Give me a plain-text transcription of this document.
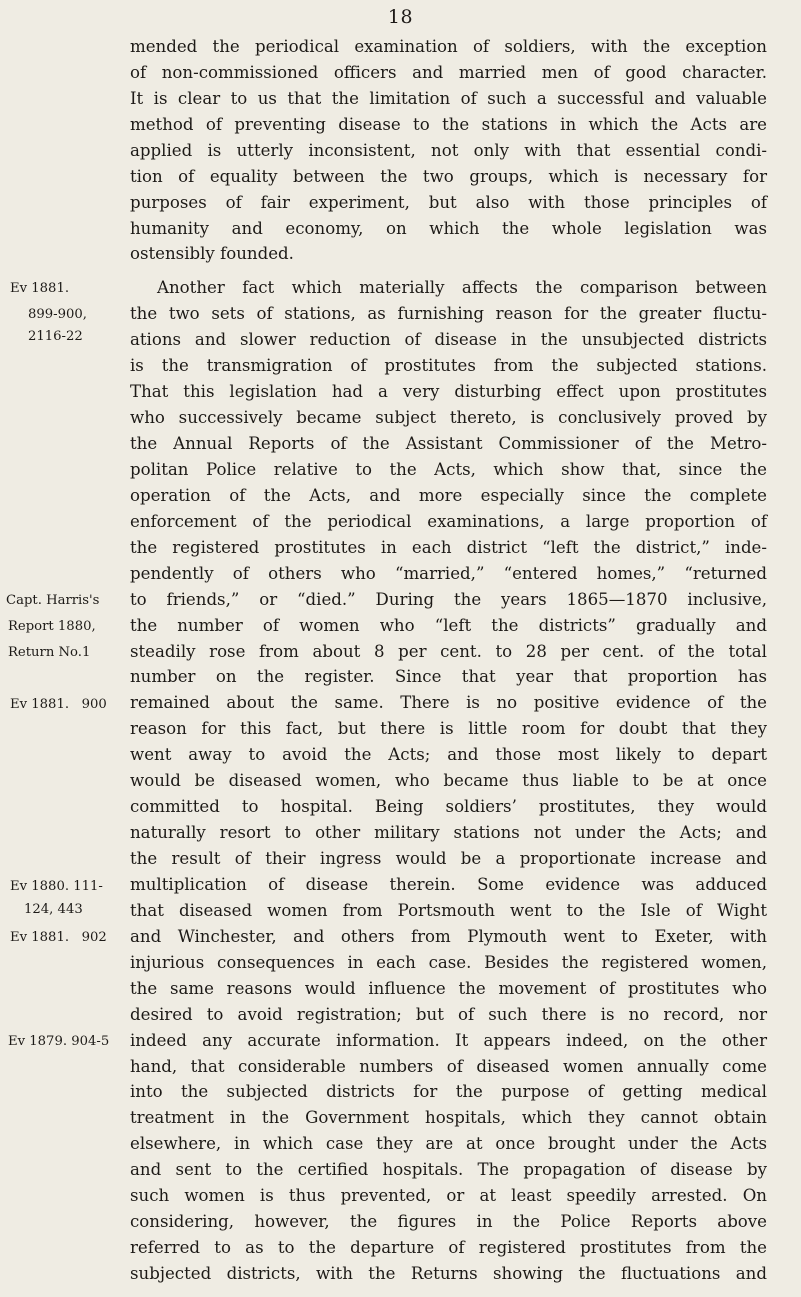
18
Ev 1881.
899-900,
2116-22
Capt. Harris's
Report 1880,
Return No.1
Ev 1881.   900
Ev 1880. 111-
124, 443
Ev 1881.   902
Ev 1879. 904-5
mended the periodical examination of soldiers, with the exception
of non-commissioned officers and married men of good character.
It is clear to us that the limitation of such a successful and valuable
method of preventing disease to the stations in which the Acts are
applied is utterly inconsistent, not only with that essential condi-
tion of equality between the two groups, which is necessary for
purposes of fair experiment, but also with those principles of
humanity and economy, on which the whole legislation was
ostensibly founded.
Another fact which materially affects the comparison between
the two sets of stations, as furnishing reason for the greater fluctu-
ations and slower reduction of disease in the unsubjected districts
is the transmigration of prostitutes from the subjected stations.
That this legislation had a very disturbing effect upon prostitutes
who successively became subject thereto, is conclusively proved by
the Annual Reports of the Assistant Commissioner of the Metro-
politan Police relative to the Acts, which show that, since the
operation of the Acts, and more especially since the complete
enforcement of the periodical examinations, a large proportion of
the registered prostitutes in each district “left the district,” inde-
pendently of others who “married,” “entered homes,” “returned
to friends,” or “died.” During the years 1865—1870 inclusive,
the number of women who “left the districts” gradually and
steadily rose from about 8 per cent. to 28 per cent. of the total
number on the register. Since that year that proportion has
remained about the same. There is no positive evidence of the
reason for this fact, but there is little room for doubt that they
went away to avoid the Acts; and those most likely to depart
would be diseased women, who became thus liable to be at once
committed to hospital. Being soldiers’ prostitutes, they would
naturally resort to other military stations not under the Acts; and
the result of their ingress would be a proportionate increase and
multiplication of disease therein. Some evidence was adduced
that diseased women from Portsmouth went to the Isle of Wight
and Winchester, and others from Plymouth went to Exeter, with
injurious consequences in each case. Besides the registered women,
the same reasons would influence the movement of prostitutes who
desired to avoid registration; but of such there is no record, nor
indeed any accurate information. It appears indeed, on the other
hand, that considerable numbers of diseased women annually come
into the subjected districts for the purpose of getting medical
treatment in the Government hospitals, which they cannot obtain
elsewhere, in which case they are at once brought under the Acts
and sent to the certified hospitals. The propagation of disease by
such women is thus prevented, or at least speedily arrested. On
considering, however, the figures in the Police Reports above
referred to as to the departure of registered prostitutes from the
subjected districts, with the Returns showing the fluctuations and
